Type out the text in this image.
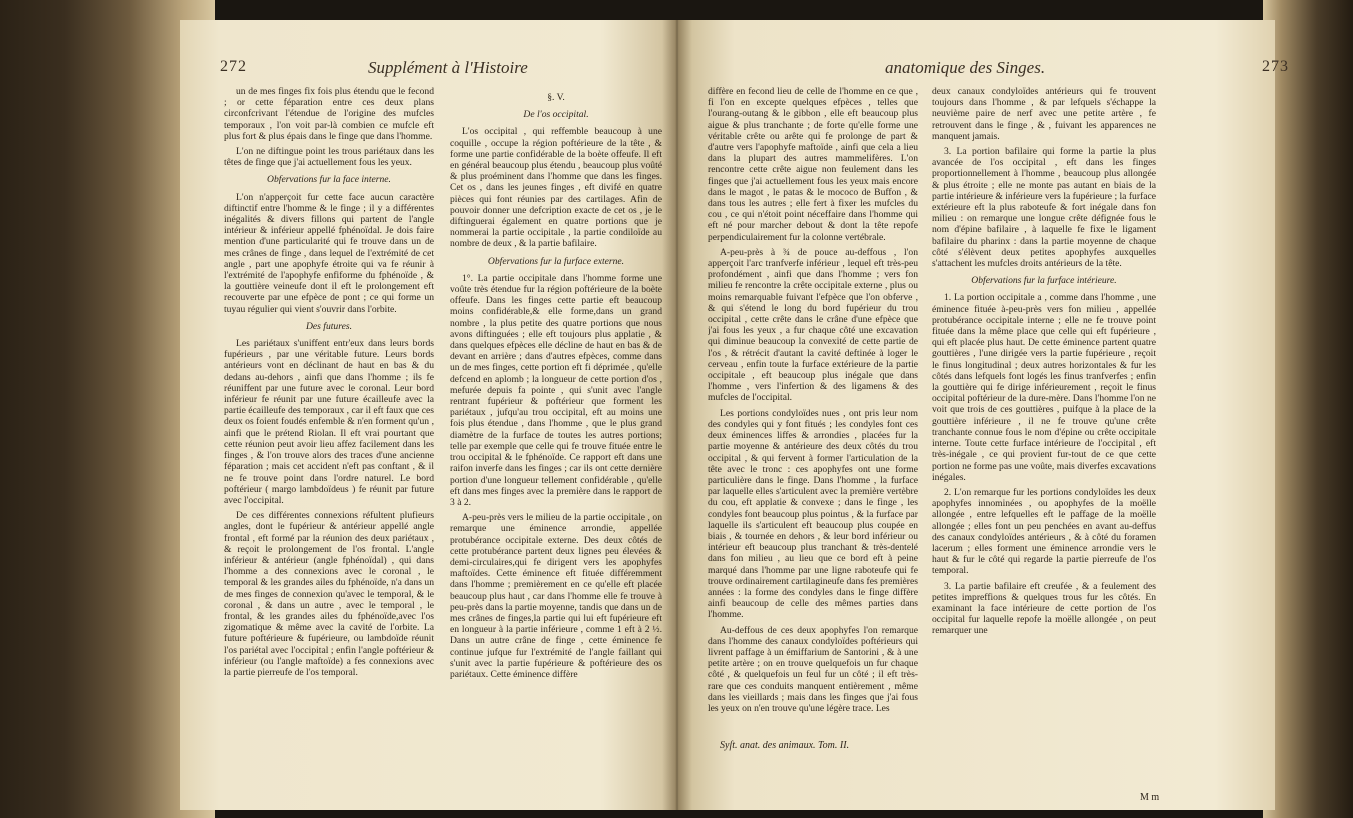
272	Supplément à l'Histoire	273
anatomique des Singes.

un de mes finges fix fois plus étendu que le fecond ; or cette féparation entre ces deux plans circonfcrivant l'étendue de l'origine des mufcles temporaux , l'on voit par-là combien ce mufcle eft plus fort & plus épais dans le finge que dans l'homme.

L'on ne diftingue point les trous pariétaux dans les têtes de finge que j'ai actuellement fous les yeux.

Obfervations fur la face interne.

L'on n'apperçoit fur cette face aucun caractère diftinctif entre l'homme & le finge ; il y a différentes inégalités & divers fillons qui partent de l'angle intérieur & inférieur appellé fphénoïdal. Je dois faire mention d'une particularité qui fe trouve dans un de mes crânes de finge , dans lequel de l'extrémité de cet angle , part une apophyfe étroite qui va fe réunir à l'extrémité de l'apophyfe enfiforme du fphénoïde , & la gouttière veineufe dont il eft le prolongement eft recouverte par une efpèce de pont ; ce qui forme un tuyau régulier qui vient s'ouvrir dans l'orbite.

Des futures.

Les pariétaux s'uniffent entr'eux dans leurs bords fupérieurs , par une véritable future. Leurs bords antérieurs vont en déclinant de haut en bas & du dedans au-dehors , ainfi que dans l'homme ; ils fe réuniffent par une future avec le coronal. Leur bord inférieur fe réunit par une future écailleufe avec la partie écailleufe des temporaux , car il eft faux que ces deux os foient foudés enfemble & n'en forment qu'un , ainfi que le prétend Riolan. Il eft vrai pourtant que cette réunion peut avoir lieu affez facilement dans les finges , & l'on trouve alors des traces d'une ancienne féparation ; mais cet accident n'eft pas conftant , & il ne fe trouve point dans l'ordre naturel. Le bord poftérieur ( margo lambdoïdeus ) fe réunit par future avec l'occipital.

De ces différentes connexions réfultent plufieurs angles, dont le fupérieur & antérieur appellé angle frontal , eft formé par la réunion des deux pariétaux , & reçoit le prolongement de l'os frontal. L'angle inférieur & antérieur (angle fphénoïdal) , qui dans l'homme a des connexions avec le coronal , le temporal & les grandes ailes du fphénoïde, n'a dans un de mes finges de connexion qu'avec le temporal, & le coronal , & dans un autre , avec le temporal , le frontal, & les grandes ailes du fphénoïde,avec l'os zigomatique & même avec la cavité de l'orbite. La future poftérieure & fupérieure, ou lambdoïde réunit l'os pariétal avec l'occipital ; enfin l'angle poftérieur & inférieur (ou l'angle maftoïde) a fes connexions avec la partie pierreufe de l'os temporal.

§. V.
De l'os occipital.

L'os occipital , qui reffemble beaucoup à une coquille , occupe la région poftérieure de la tête , & forme une partie confidérable de la boète offeufe. Il eft en général beaucoup plus étendu , beaucoup plus voûté & plus proéminent dans l'homme que dans les finges. Cet os , dans les jeunes finges , eft divifé en quatre pièces qui font réunies par des cartilages. Afin de pouvoir donner une defcription exacte de cet os , je le diftinguerai également en quatre portions que je nommerai la partie occipitale , la partie condiloïde au nombre de deux , & la partie bafilaire.

Obfervations fur la furface externe.

1°. La partie occipitale dans l'homme forme une voûte très étendue fur la région poftérieure de la boète offeufe. Dans les finges cette partie eft beaucoup moins confidérable,& elle forme,dans un grand nombre , la plus petite des quatre portions que nous avons diftinguées ; elle eft toujours plus applatie , & dans quelques efpèces elle décline de haut en bas & de devant en arrière ; dans d'autres efpèces, comme dans un de mes finges, cette portion eft fi déprimée , qu'elle defcend en aplomb ; la longueur de cette portion d'os , mefurée depuis fa pointe , qui s'unit avec l'angle rentrant fupérieur & poftérieur que forment les pariétaux , jufqu'au trou occipital, eft au moins une fois plus étendue , dans l'homme , que le plus grand diamètre de la furface de toutes les autres portions; telle par exemple que celle qui fe trouve fituée entre le trou occipital & le fphénoïde. Ce rapport eft dans une raifon inverfe dans les finges ; car ils ont cette dernière portion d'une longueur tellement confidérable , qu'elle eft dans mes finges avec la première dans le rapport de 3 à 2.

A-peu-près vers le milieu de la partie occipitale , on remarque une éminence arrondie, appellée protubérance occipitale externe. Des deux côtés de cette protubérance partent deux lignes peu élevées & demi-circulaires,qui fe dirigent vers les apophyfes maftoïdes. Cette éminence eft fituée différemment dans l'homme ; premièrement en ce qu'elle eft placée beaucoup plus haut , car dans l'homme elle fe trouve à peu-près dans la partie moyenne, tandis que dans un de mes crânes de finges,la partie qui lui eft fupérieure eft en longueur à la partie inférieure , comme 1 eft à 2 ½. Dans un autre crâne de finge , cette éminence fe continue jufque fur l'extrémité de l'angle faillant qui s'unit avec la partie fupérieure & poftérieure des os pariétaux. Cette éminence diffère

diffère en fecond lieu de celle de l'homme en ce que , fi l'on en excepte quelques efpèces , telles que l'ourang-outang & le gibbon , elle eft beaucoup plus aigue & plus tranchante ; de forte qu'elle forme une véritable crête ou arête qui fe prolonge de part & d'autre vers l'apophyfe maftoïde , ainfi que cela a lieu dans la plupart des autres mammelifères. L'on rencontre cette crête aigue non feulement dans les finges que j'ai actuellement fous les yeux mais encore dans le magot , le patas & le mococo de Buffon , & dans tous les autres ; elle fert à fixer les mufcles du cou , ce qui n'étoit point néceffaire dans l'homme qui eft né pour marcher debout & dont la tête repofe perpendiculairement fur la colonne vertébrale.

A-peu-près à ¾ de pouce au-deffous , l'on apperçoit l'arc tranfverfe inférieur , lequel eft très-peu profondément , ainfi que dans l'homme ; vers fon milieu fe rencontre la crête occipitale externe , plus ou moins remarquable fuivant l'efpèce que l'on obferve , & qui s'étend le long du bord fupérieur du trou occipital , cette crête dans le crâne d'une efpèce que j'ai fous les yeux , a fur chaque côté une excavation qui diminue beaucoup la convexité de cette partie de l'os , & rétrécit d'autant la cavité deftinée à loger le cerveau , enfin toute la furface extérieure de la partie occipitale , eft beaucoup plus inégale que dans l'homme , vers l'infertion & des ligamens & des mufcles de l'occipital.

Les portions condyloïdes nues , ont pris leur nom des condyles qui y font fitués ; les condyles font ces deux éminences liffes & arrondies , placées fur la partie moyenne & antérieure des deux côtés du trou occipital , & qui fervent à former l'articulation de la tête avec le tronc : ces apophyfes ont une forme particulière dans le finge. Dans l'homme , la furface par laquelle elles s'articulent avec la première vertèbre du cou, eft applatie & convexe ; dans le finge , les condyles font beaucoup plus pointus , & la furface par laquelle ils s'articulent eft beaucoup plus coupée en biais , & tournée en dehors , & leur bord inférieur ou intérieur eft beaucoup plus tranchant & très-dentelé dans fon milieu , au lieu que ce bord eft à peine marqué dans l'homme par une ligne raboteufe qui fe trouve ordinairement cartilagineufe dans fes premières années : la forme des condyles dans le finge diffère ainfi beaucoup de celle des mêmes parties dans l'homme.

Au-deffous de ces deux apophyfes l'on remarque dans l'homme des canaux condyloïdes poftérieurs qui livrent paffage à un émiffarium de Santorini , & à une petite artère ; on en trouve quelquefois un fur chaque côté , & quelquefois un feul fur un côté ; il eft très-rare que ces conduits manquent entièrement , même dans les vieillards ; mais dans les finges que j'ai fous les yeux on n'en trouve qu'une légère trace. Les

deux canaux condyloïdes antérieurs qui fe trouvent toujours dans l'homme , & par lefquels s'échappe la neuvième paire de nerf avec une petite artère , fe retrouvent dans le finge , & , fuivant les apparences ne manquent jamais.

3. La portion bafilaire qui forme la partie la plus avancée de l'os occipital , eft dans les finges proportionnellement à l'homme , beaucoup plus allongée & plus étroite ; elle ne monte pas autant en biais de la partie intérieure & inférieure vers la fupérieure ; la furface extérieure eft la plus raboteufe & fort inégale dans fon milieu : on remarque une longue crête défignée fous le nom d'épine bafilaire , à laquelle fe fixe le ligament bafilaire du pharinx : dans la partie moyenne de chaque côté s'élèvent deux petites apophyfes auxquelles s'attachent les mufcles droits antérieurs de la tête.

Obfervations fur la furface intérieure.

1. La portion occipitale a , comme dans l'homme , une éminence fituée à-peu-près vers fon milieu , appellée protubérance occipitale interne ; elle ne fe trouve point fituée dans la même place que celle qui eft fupérieure , qui eft placée plus haut. De cette éminence partent quatre gouttières , l'une dirigée vers la partie fupérieure , reçoit le finus longitudinal ; deux autres horizontales & fur les côtés dans lefquels font logés les finus tranfverfes ; enfin la gouttière qui fe dirige inférieurement , reçoit le finus occipital poftérieur de la dure-mère. Dans l'homme l'on ne voit que trois de ces gouttières , puifque à la place de la gouttière inférieure , il ne fe trouve qu'une crête tranchante connue fous le nom d'épine ou crête occipitale interne. Toute cette furface intérieure de l'occipital , eft très-inégale , ce qui provient fur-tout de ce que cette portion ne forme pas une voûte, mais diverfes excavations inégales.

2. L'on remarque fur les portions condyloïdes les deux apophyfes innominées , ou apophyfes de la moëlle allongée , entre lefquelles eft le paffage de la moëlle allongée ; elles font un peu penchées en avant au-deffus des canaux condyloïdes antérieurs , & à côté du foramen lacerum ; elles forment une éminence arrondie vers le haut & fur le côté qui regarde la partie pierreufe de l'os temporal.

3. La partie bafilaire eft creufée , & a feulement des petites impreffions & quelques trous fur les côtés. En examinant la face intérieure de cette portion de l'os occipital fur laquelle repofe la moëlle allongée , on peut remarquer une

Syſt. anat. des animaux. Tom. II.
M m
